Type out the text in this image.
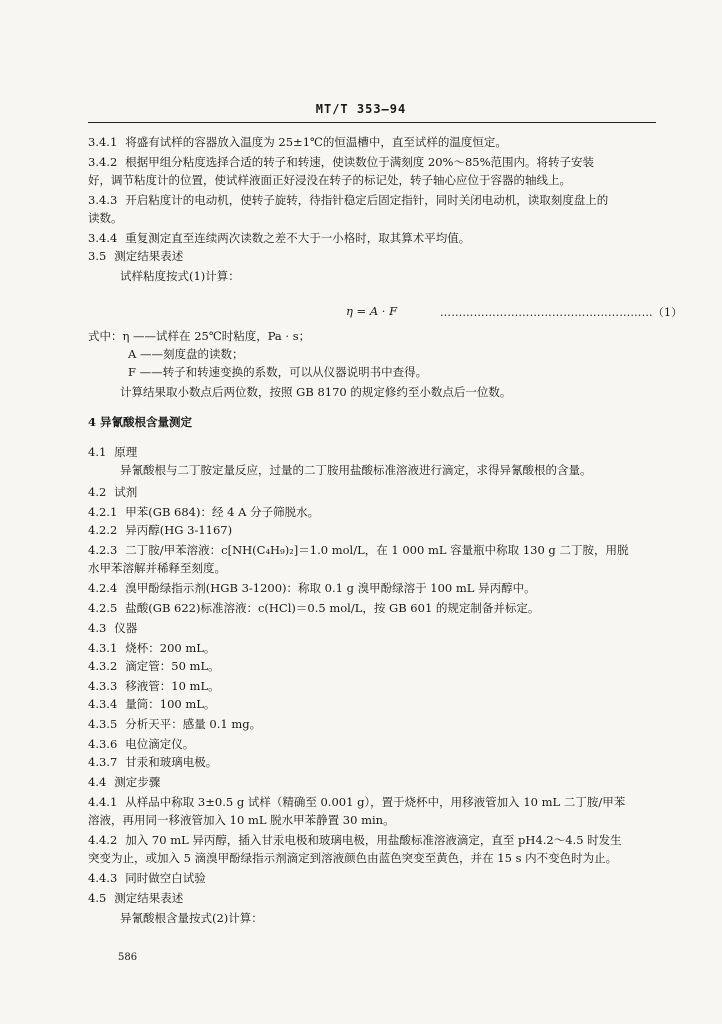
MT/T 353—94
3.4.1 将盛有试样的容器放入温度为 25±1℃的恒温槽中，直至试样的温度恒定。
3.4.2 根据甲组分粘度选择合适的转子和转速，使读数位于满刻度 20%～85%范围内。将转子安装
好，调节粘度计的位置，使试样液面正好浸没在转子的标记处，转子轴心应位于容器的轴线上。
3.4.3 开启粘度计的电动机，使转子旋转，待指针稳定后固定指针，同时关闭电动机，读取刻度盘上的
读数。
3.4.4 重复测定直至连续两次读数之差不大于一小格时，取其算术平均值。
3.5 测定结果表述
试样粘度按式(1)计算：
η = A · F	…………………………………………………（1）
式中：η ——试样在 25℃时粘度，Pa · s；
A ——刻度盘的读数；
F ——转子和转速变换的系数，可以从仪器说明书中查得。
计算结果取小数点后两位数，按照 GB 8170 的规定修约至小数点后一位数。
4 异氰酸根含量测定
4.1 原理
异氰酸根与二丁胺定量反应，过量的二丁胺用盐酸标准溶液进行滴定，求得异氰酸根的含量。
4.2 试剂
4.2.1 甲苯(GB 684)：经 4 A 分子筛脱水。
4.2.2 异丙醇(HG 3-1167)
4.2.3 二丁胺/甲苯溶液：c[NH(C₄H₉)₂]＝1.0 mol/L，在 1 000 mL 容量瓶中称取 130 g 二丁胺，用脱
水甲苯溶解并稀释至刻度。
4.2.4 溴甲酚绿指示剂(HGB 3-1200)：称取 0.1 g 溴甲酚绿溶于 100 mL 异丙醇中。
4.2.5 盐酸(GB 622)标准溶液：c(HCl)＝0.5 mol/L，按 GB 601 的规定制备并标定。
4.3 仪器
4.3.1 烧杯：200 mL。
4.3.2 滴定管：50 mL。
4.3.3 移液管：10 mL。
4.3.4 量筒：100 mL。
4.3.5 分析天平：感量 0.1 mg。
4.3.6 电位滴定仪。
4.3.7 甘汞和玻璃电极。
4.4 测定步骤
4.4.1 从样品中称取 3±0.5 g 试样（精确至 0.001 g），置于烧杯中，用移液管加入 10 mL 二丁胺/甲苯
溶液，再用同一移液管加入 10 mL 脱水甲苯静置 30 min。
4.4.2 加入 70 mL 异丙醇，插入甘汞电极和玻璃电极，用盐酸标准溶液滴定，直至 pH4.2～4.5 时发生
突变为止，或加入 5 滴溴甲酚绿指示剂滴定到溶液颜色由蓝色突变至黄色，并在 15 s 内不变色时为止。
4.4.3 同时做空白试验
4.5 测定结果表述
异氰酸根含量按式(2)计算：
586
